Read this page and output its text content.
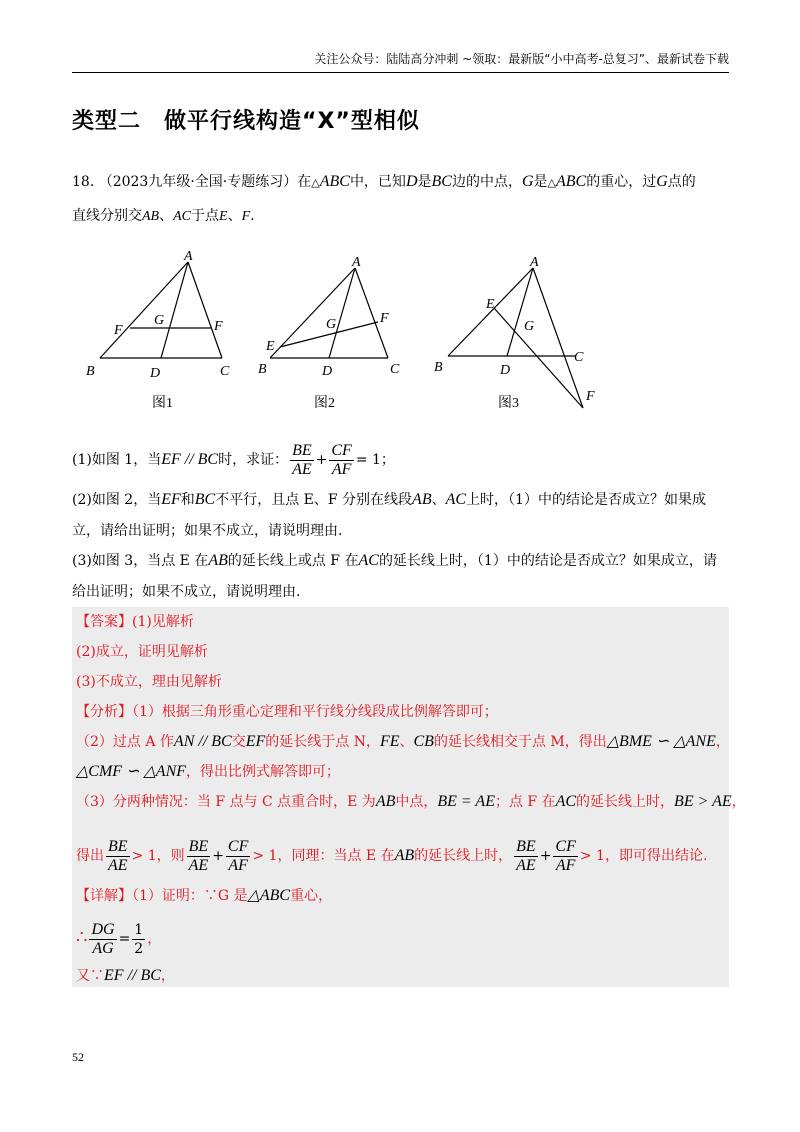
关注公众号：陆陆高分冲刺 ~领取：最新版“小中高考-总复习”、最新试卷下载
类型二　做平行线构造“X”型相似
18. （2023九年级·全国·专题练习）在△ABC中，已知D是BC边的中点，G是△ABC的重心，过G点的
直线分别交AB、AC于点E、F.
A
B	C
D
F	F
G
图1
A
B	C
D
E
F
G
图2
A
B
C
D
E
F
G
图3
(1)如图 1，当EF // BC时，求证： $\frac{BE}{AE} + \frac{CF}{AF} = 1$；
(2)如图 2，当EF和BC不平行，且点 E、F 分别在线段AB、AC上时，（1）中的结论是否成立？如果成
立，请给出证明；如果不成立，请说明理由.
(3)如图 3，当点 E 在AB的延长线上或点 F 在AC的延长线上时，（1）中的结论是否成立？如果成立，请
给出证明；如果不成立，请说明理由.
【答案】(1)见解析
(2)成立，证明见解析
(3)不成立，理由见解析
【分析】（1）根据三角形重心定理和平行线分线段成比例解答即可；
（2）过点 A 作AN // BC交EF的延长线于点 N，FE、CB的延长线相交于点 M，得出△BME ∽ △ANE，
△CMF ∽ △ANF，得出比例式解答即可；
（3）分两种情况：当 F 点与 C 点重合时，E 为AB中点，BE = AE；点 F 在AC的延长线上时，BE > AE，
得出 $\frac{BE}{AE} > 1$，则 $\frac{BE}{AE} + \frac{CF}{AF} > 1$，同理：当点 E 在AB的延长线上时， $\frac{BE}{AE} + \frac{CF}{AF} > 1$，即可得出结论.
【详解】（1）证明：∵G 是△ABC重心，
∴ $\frac{DG}{AG} = \frac{1}{2}$ ，
又∵EF // BC，
52
